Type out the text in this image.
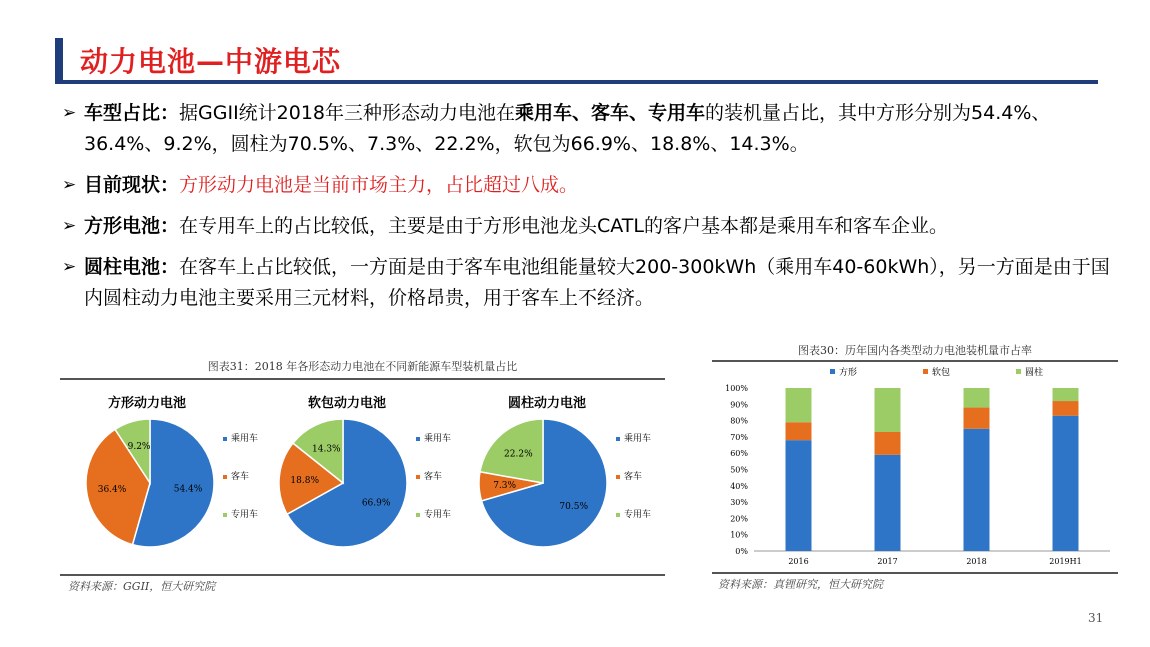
动力电池—中游电芯
➢ 车型占比：据GGII统计2018年三种形态动力电池在乘用车、客车、专用车的装机量占比，其中方形分别为54.4%、36.4%、9.2%，圆柱为70.5%、7.3%、22.2%，软包为66.9%、18.8%、14.3%。
➢ 目前现状：方形动力电池是当前市场主力，占比超过八成。
➢ 方形电池：在专用车上的占比较低，主要是由于方形电池龙头CATL的客户基本都是乘用车和客车企业。
➢ 圆柱电池：在客车上占比较低，一方面是由于客车电池组能量较大200-300kWh（乘用车40-60kWh），另一方面是由于国内圆柱动力电池主要采用三元材料，价格昂贵，用于客车上不经济。
图表31：2018 年各形态动力电池在不同新能源车型装机量占比
方形动力电池	软包动力电池	圆柱动力电池
54.4%
36.4%
9.2%
乘用车
客车
专用车
66.9%
18.8%
14.3%
乘用车
客车
专用车
70.5%
7.3%
22.2%
乘用车
客车
专用车
资料来源：GGII，恒大研究院
图表30：历年国内各类型动力电池装机量市占率
方形	软包	圆柱
0%
10%
20%
30%
40%
50%
60%
70%
80%
90%
100%
2016	2017	2018	2019H1
资料来源：真锂研究，恒大研究院
31
